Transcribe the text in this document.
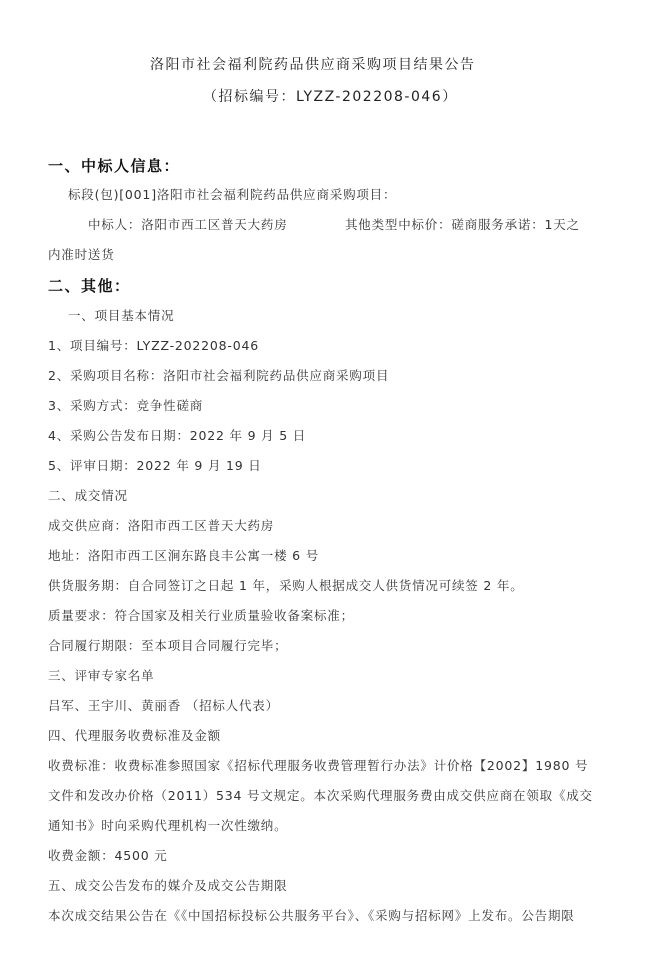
洛阳市社会福利院药品供应商采购项目结果公告
（招标编号：LYZZ-202208-046）
一、中标人信息：
标段(包)[001]洛阳市社会福利院药品供应商采购项目：
中标人：洛阳市西工区普天大药房	其他类型中标价：磋商服务承诺：1天之
内准时送货
二、其他：
一、项目基本情况
1、项目编号：LYZZ-202208-046
2、采购项目名称：洛阳市社会福利院药品供应商采购项目
3、采购方式：竞争性磋商
4、采购公告发布日期：2022 年 9 月 5 日
5、评审日期：2022 年 9 月 19 日
二、成交情况
成交供应商：洛阳市西工区普天大药房
地址：洛阳市西工区涧东路良丰公寓一楼 6 号
供货服务期：自合同签订之日起 1 年，采购人根据成交人供货情况可续签 2 年。
质量要求：符合国家及相关行业质量验收备案标准；
合同履行期限：至本项目合同履行完毕；
三、评审专家名单
吕军、王宇川、黄丽香 （招标人代表）
四、代理服务收费标准及金额
收费标准：收费标准参照国家《招标代理服务收费管理暂行办法》计价格【2002】1980 号
文件和发改办价格（2011）534 号文规定。本次采购代理服务费由成交供应商在领取《成交
通知书》时向采购代理机构一次性缴纳。
收费金额：4500 元
五、成交公告发布的媒介及成交公告期限
本次成交结果公告在《《中国招标投标公共服务平台》、《采购与招标网》上发布。公告期限
